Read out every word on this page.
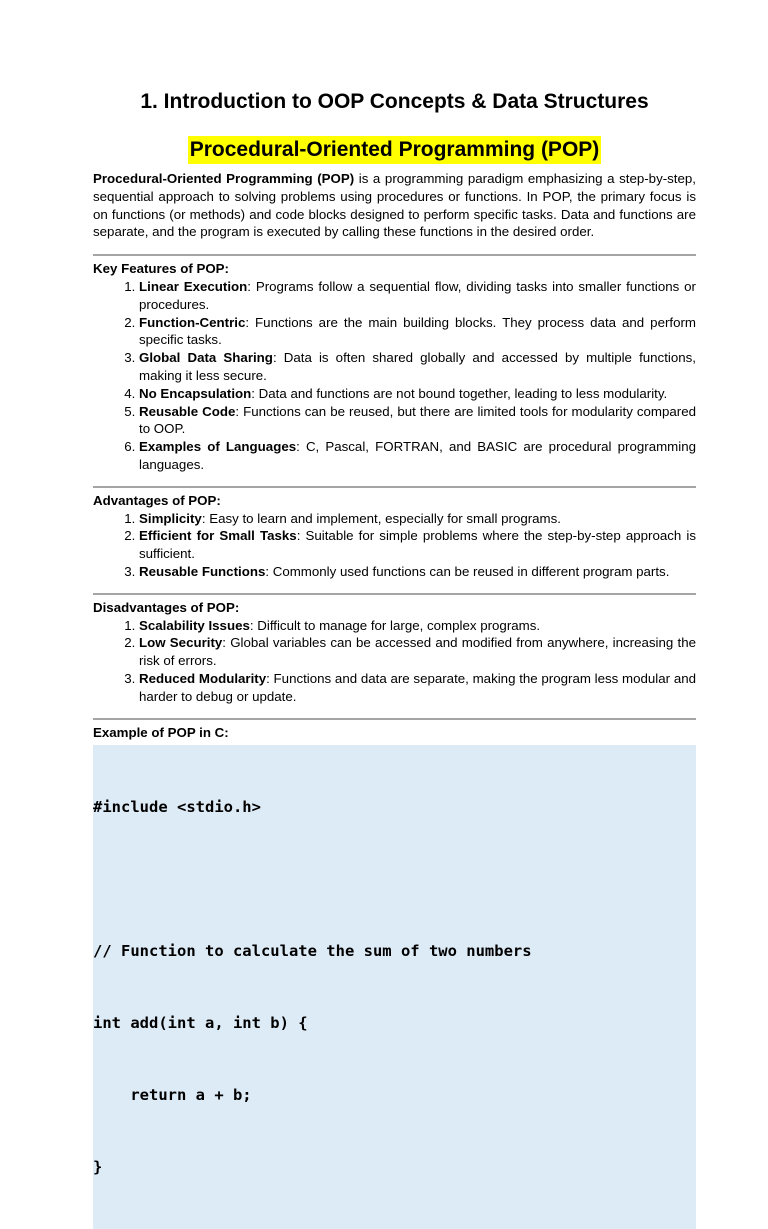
1. Introduction to OOP Concepts & Data Structures
Procedural-Oriented Programming (POP)

Procedural-Oriented Programming (POP) is a programming paradigm emphasizing a step-by-step, sequential approach to solving problems using procedures or functions. In POP, the primary focus is on functions (or methods) and code blocks designed to perform specific tasks. Data and functions are separate, and the program is executed by calling these functions in the desired order.

Key Features of POP:

1. Linear Execution: Programs follow a sequential flow, dividing tasks into smaller functions or procedures.
2. Function-Centric: Functions are the main building blocks. They process data and perform specific tasks.
3. Global Data Sharing: Data is often shared globally and accessed by multiple functions, making it less secure.
4. No Encapsulation: Data and functions are not bound together, leading to less modularity.
5. Reusable Code: Functions can be reused, but there are limited tools for modularity compared to OOP.
6. Examples of Languages: C, Pascal, FORTRAN, and BASIC are procedural programming languages.

Advantages of POP:

1. Simplicity: Easy to learn and implement, especially for small programs.
2. Efficient for Small Tasks: Suitable for simple problems where the step-by-step approach is sufficient.
3. Reusable Functions: Commonly used functions can be reused in different program parts.

Disadvantages of POP:

1. Scalability Issues: Difficult to manage for large, complex programs.
2. Low Security: Global variables can be accessed and modified from anywhere, increasing the risk of errors.
3. Reduced Modularity: Functions and data are separate, making the program less modular and harder to debug or update.

Example of POP in C:

#include <stdio.h>

// Function to calculate the sum of two numbers

int add(int a, int b) {

return a + b;

}
